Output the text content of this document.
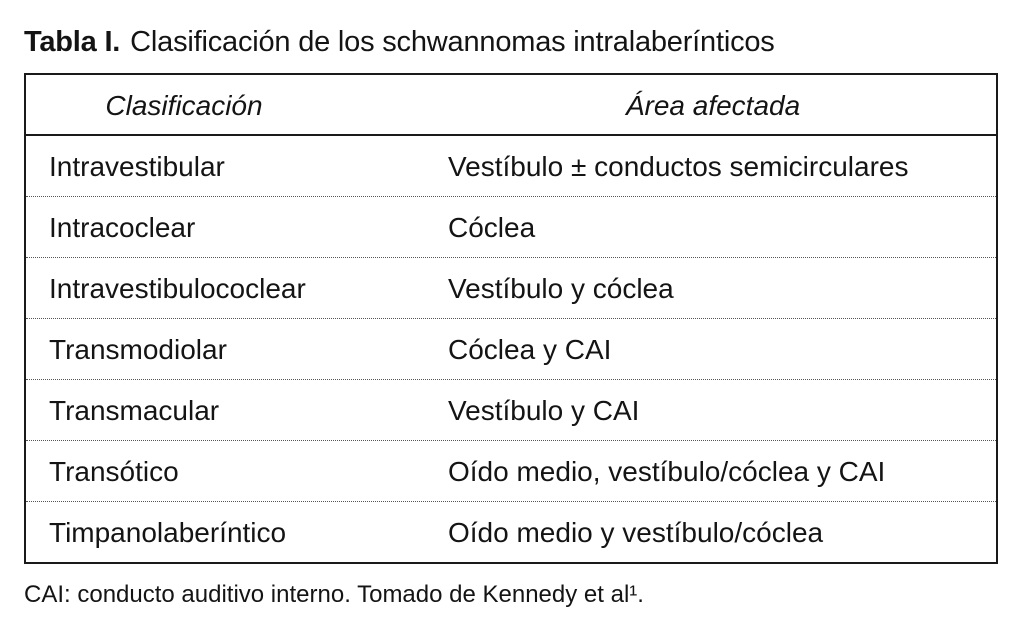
Tabla I. Clasificación de los schwannomas intralaberínticos
Clasificación	Área afectada
Intravestibular	Vestíbulo ± conductos semicirculares
Intracoclear	Cóclea
Intravestibulococlear	Vestíbulo y cóclea
Transmodiolar	Cóclea y CAI
Transmacular	Vestíbulo y CAI
Transótico	Oído medio, vestíbulo/cóclea y CAI
Timpanolaberíntico	Oído medio y vestíbulo/cóclea
CAI: conducto auditivo interno. Tomado de Kennedy et al¹.
